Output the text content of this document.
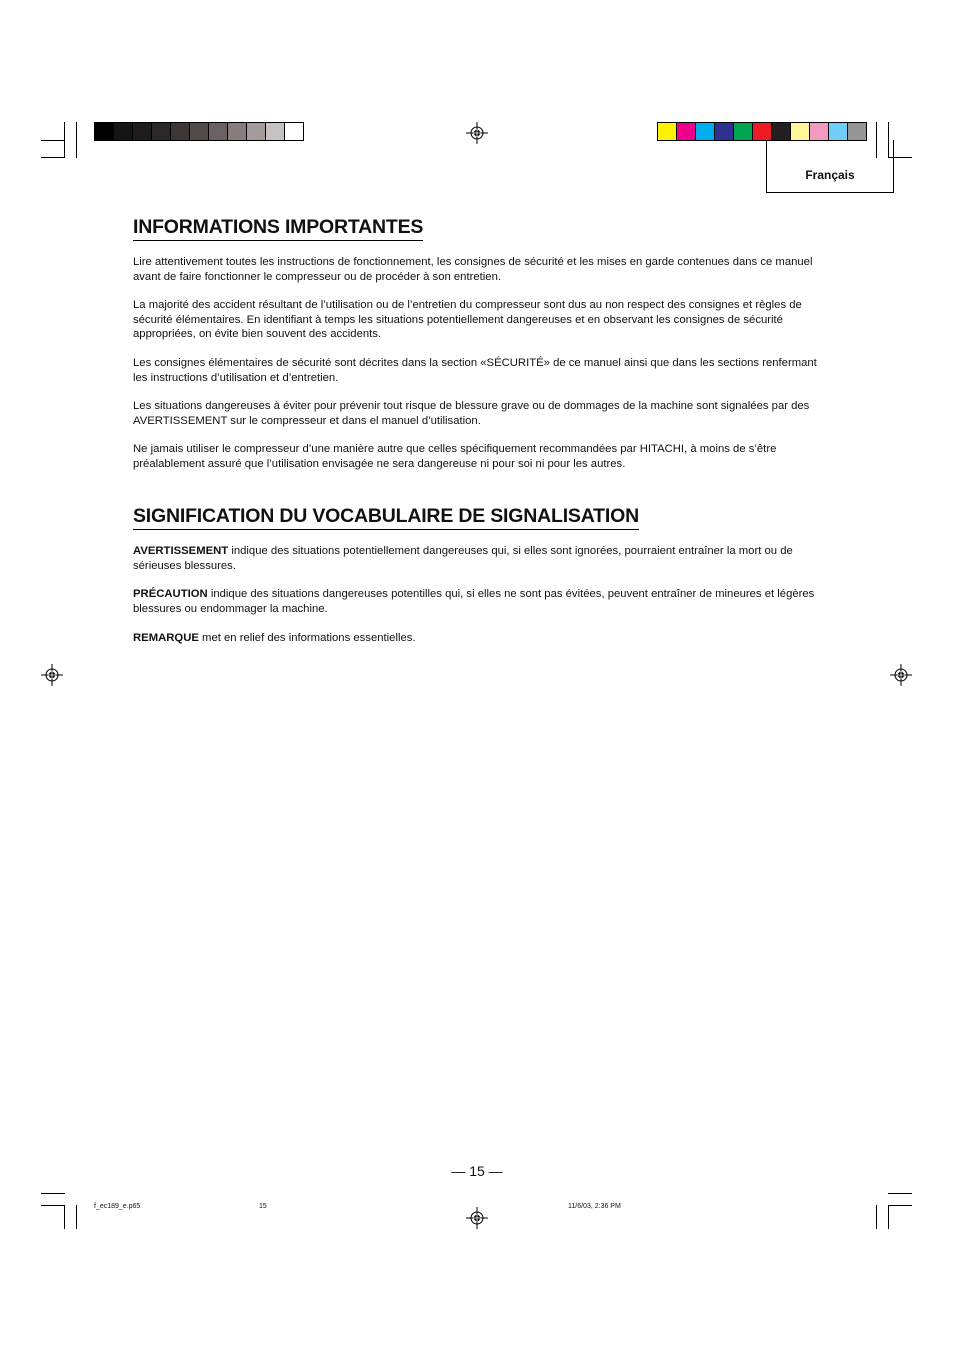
Français
INFORMATIONS IMPORTANTES

Lire attentivement toutes les instructions de fonctionnement, les consignes de sécurité et les mises en garde contenues dans ce manuel avant de faire fonctionner le compresseur ou de procéder à son entretien.

La majorité des accident résultant de l’utilisation ou de l’entretien du compresseur sont dus au non respect des consignes et règles de sécurité élémentaires. En identifiant à temps les situations potentiellement dangereuses et en observant les consignes de sécurité appropriées, on évite bien souvent des accidents.

Les consignes élémentaires de sécurité sont décrites dans la section «SÉCURITÉ» de ce manuel ainsi que dans les sections renfermant les instructions d’utilisation et d’entretien.

Les situations dangereuses à éviter pour prévenir tout risque de blessure grave ou de dommages de la machine sont signalées par des AVERTISSEMENT sur le compresseur et dans el manuel d’utilisation.

Ne jamais utiliser le compresseur d’une manière autre que celles spécifiquement recommandées par HITACHI, à moins de s’être préalablement assuré que l’utilisation envisagée ne sera dangereuse ni pour soi ni pour les autres.

SIGNIFICATION DU VOCABULAIRE DE SIGNALISATION

AVERTISSEMENT indique des situations potentiellement dangereuses qui, si elles sont ignorées, pourraient entraîner la mort ou de sérieuses blessures.

PRÉCAUTION indique des situations dangereuses potentilles qui, si elles ne sont pas évitées, peuvent entraîner de mineures et légères blessures ou endommager la machine.

REMARQUE met en relief des informations essentielles.

— 15 —
f_ec189_e.p65	15	11/6/03, 2:36 PM
